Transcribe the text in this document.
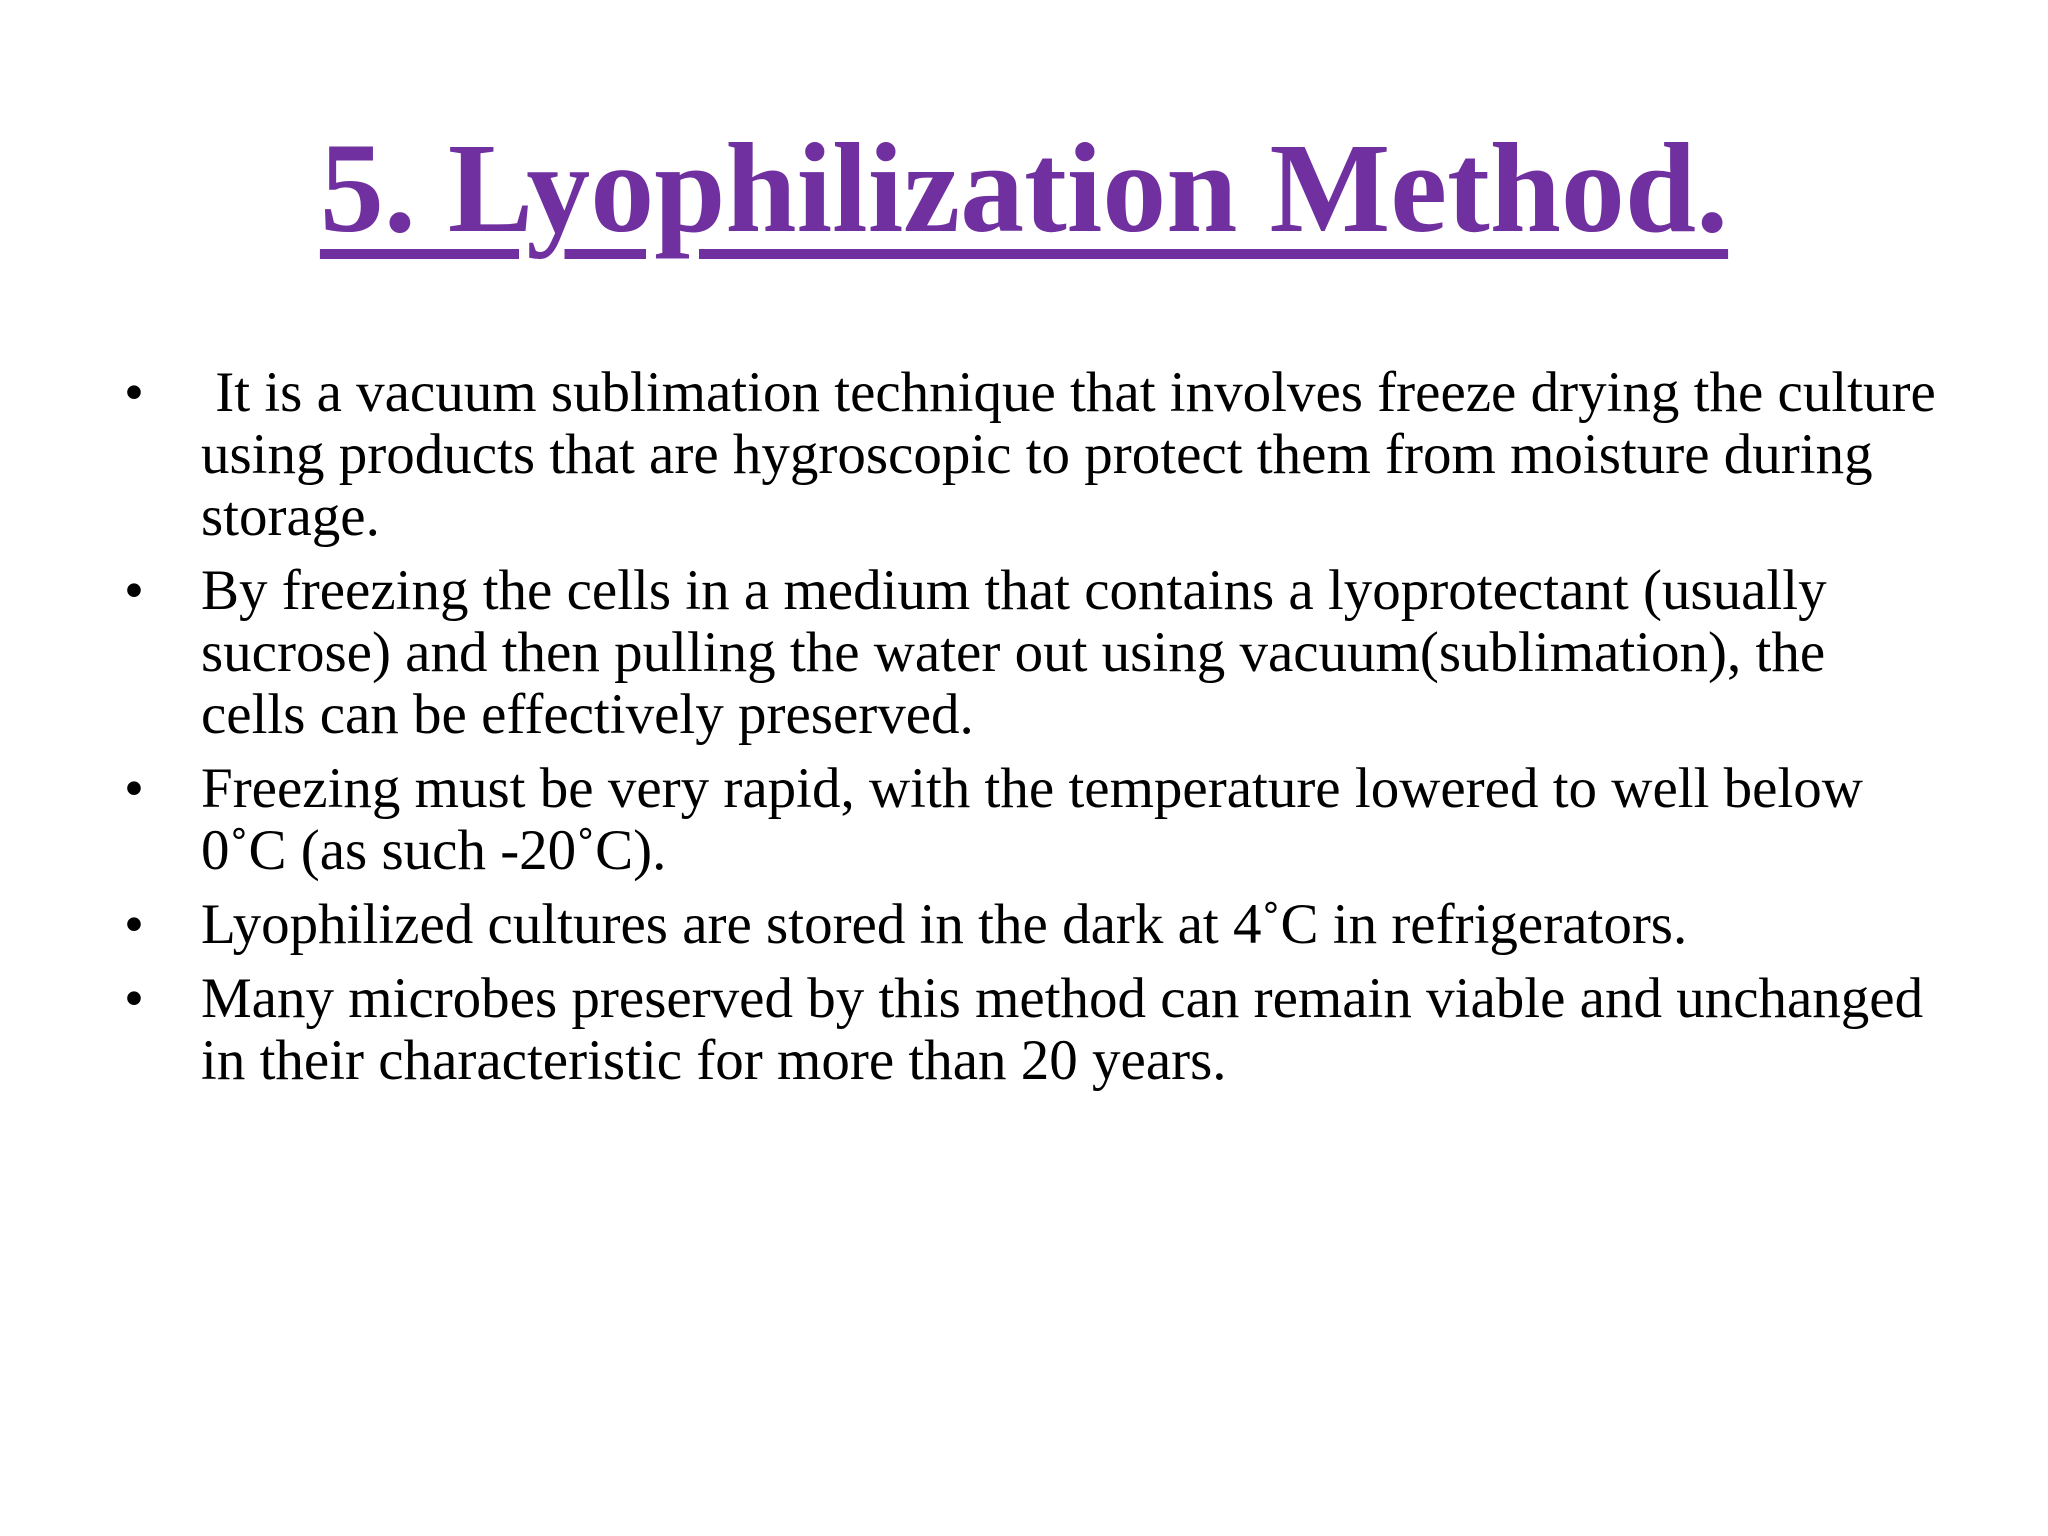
5. Lyophilization Method.
• It is a vacuum sublimation technique that involves freeze drying the culture using products that are hygroscopic to protect them from moisture during storage.
• By freezing the cells in a medium that contains a lyoprotectant (usually sucrose) and then pulling the water out using vacuum(sublimation), the cells can be effectively preserved.
• Freezing must be very rapid, with the temperature lowered to well below 0˚C (as such -20˚C).
• Lyophilized cultures are stored in the dark at 4˚C in refrigerators.
• Many microbes preserved by this method can remain viable and unchanged in their characteristic for more than 20 years.
